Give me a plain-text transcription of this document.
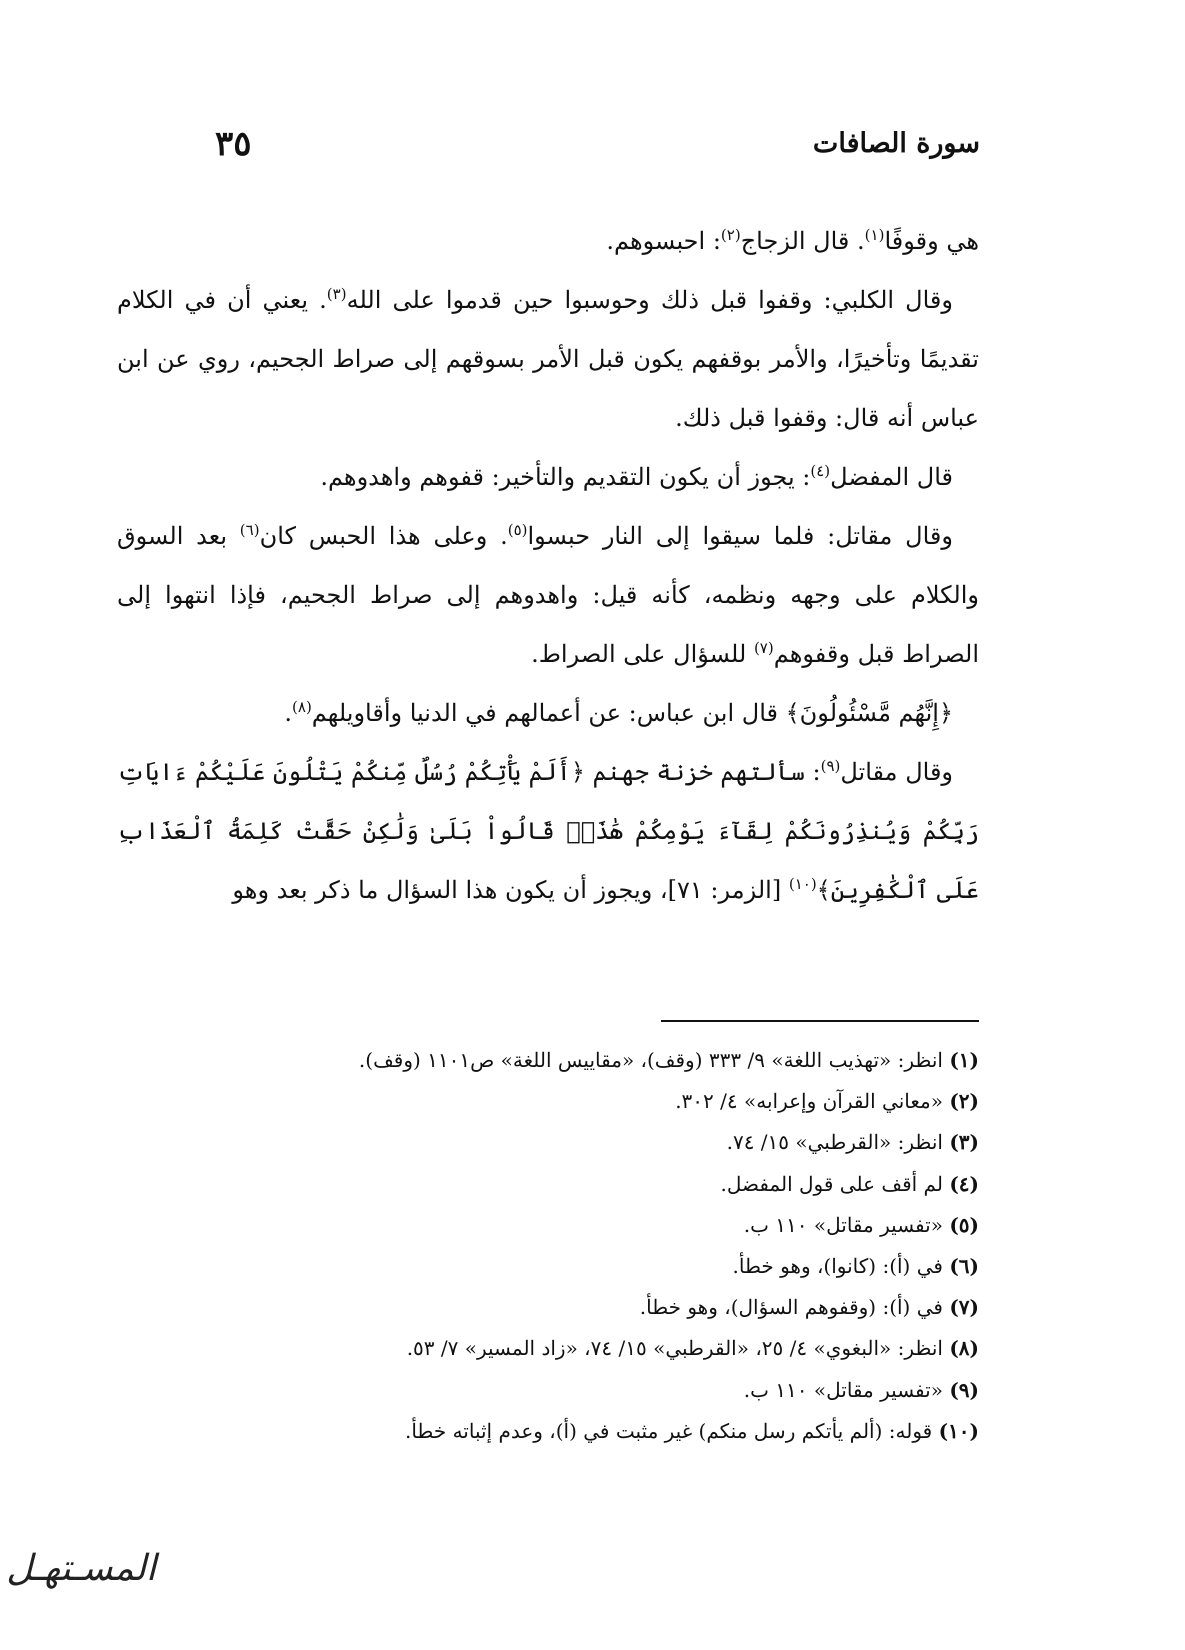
سورة الصافات
٣٥

هي وقوفًا$^{(١)}$. قال الزجاج$^{(٢)}$: احبسوهم.

وقال الكلبي: وقفوا قبل ذلك وحوسبوا حين قدموا على الله$^{(٣)}$. يعني أن في الكلام تقديمًا وتأخيرًا، والأمر بوقفهم يكون قبل الأمر بسوقهم إلى صراط الجحيم، روي عن ابن عباس أنه قال: وقفوا قبل ذلك.

قال المفضل$^{(٤)}$: يجوز أن يكون التقديم والتأخير: قفوهم واهدوهم.

وقال مقاتل: فلما سيقوا إلى النار حبسوا$^{(٥)}$. وعلى هذا الحبس كان$^{(٦)}$ بعد السوق والكلام على وجهه ونظمه، كأنه قيل: واهدوهم إلى صراط الجحيم، فإذا انتهوا إلى الصراط قبل وقفوهم$^{(٧)}$ للسؤال على الصراط.

﴿إِنَّهُم مَّسْئُولُونَ﴾ قال ابن عباس: عن أعمالهم في الدنيا وأقاويلهم$^{(٨)}$.

وقال مقاتل$^{(٩)}$: سألتهم خزنة جهنم ﴿أَلَمْ يَأْتِكُمْ رُسُلٌ مِّنكُمْ يَتْلُونَ عَلَيْكُمْ ءَايَاتِ رَبِّكُمْ وَيُنذِرُونَكُمْ لِقَآءَ يَوْمِكُمْ هَٰذَاۚ قَالُواْ بَلَىٰ وَلَٰكِنْ حَقَّتْ كَلِمَةُ ٱلْعَذَابِ عَلَى ٱلْكَٰفِرِينَ﴾$^{(١٠)}$ [الزمر: ٧١]، ويجوز أن يكون هذا السؤال ما ذكر بعد وهو

(١) انظر: «تهذيب اللغة» ٩/ ٣٣٣ (وقف)، «مقاييس اللغة» ص١١٠١ (وقف).

(٢) «معاني القرآن وإعرابه» ٤/ ٣٠٢.

(٣) انظر: «القرطبي» ١٥/ ٧٤.

(٤) لم أقف على قول المفضل.

(٥) «تفسير مقاتل» ١١٠ ب.

(٦) في (أ): (كانوا)، وهو خطأ.

(٧) في (أ): (وقفوهم السؤال)، وهو خطأ.

(٨) انظر: «البغوي» ٤/ ٢٥، «القرطبي» ١٥/ ٧٤، «زاد المسير» ٧/ ٥٣.

(٩) «تفسير مقاتل» ١١٠ ب.

(١٠) قوله: (ألم يأتكم رسل منكم) غير مثبت في (أ)، وعدم إثباته خطأ.

المسـتهـل
